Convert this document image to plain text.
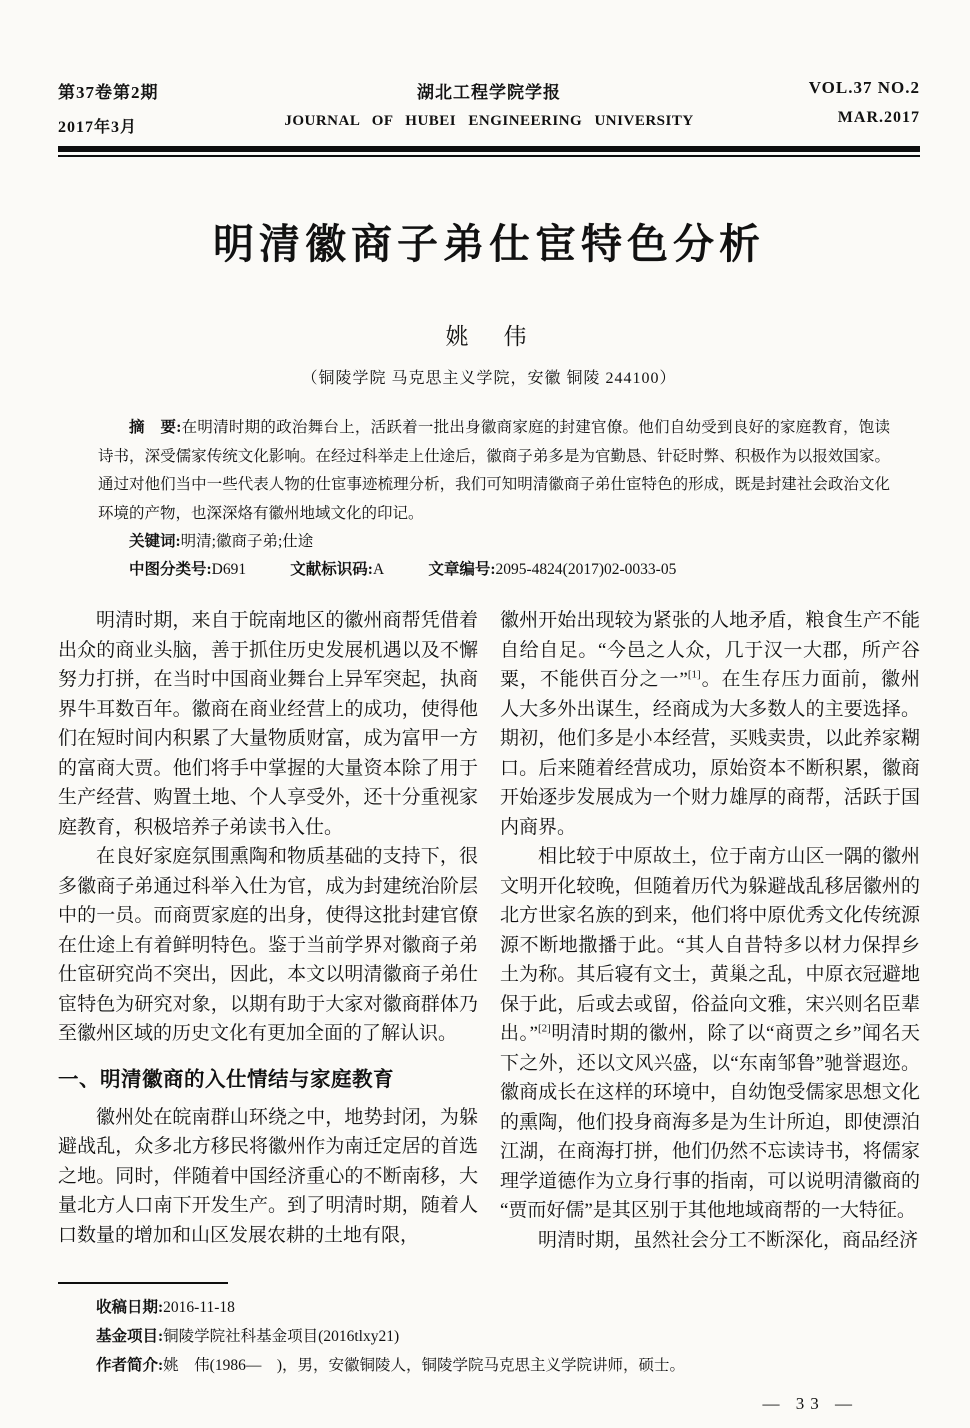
第37卷第2期
2017年3月
湖北工程学院学报
JOURNAL OF HUBEI ENGINEERING UNIVERSITY
VOL.37 NO.2
MAR.2017
明清徽商子弟仕宦特色分析
姚　伟
（铜陵学院 马克思主义学院，安徽 铜陵 244100）

摘　要:在明清时期的政治舞台上，活跃着一批出身徽商家庭的封建官僚。他们自幼受到良好的家庭教育，饱读诗书，深受儒家传统文化影响。在经过科举走上仕途后，徽商子弟多是为官勤恳、针砭时弊、积极作为以报效国家。通过对他们当中一些代表人物的仕宦事迹梳理分析，我们可知明清徽商子弟仕宦特色的形成，既是封建社会政治文化环境的产物，也深深烙有徽州地域文化的印记。

关键词:明清;徽商子弟;仕途

中图分类号:D691	文献标识码:A	文章编号:2095-4824(2017)02-0033-05

明清时期，来自于皖南地区的徽州商帮凭借着出众的商业头脑，善于抓住历史发展机遇以及不懈努力打拼，在当时中国商业舞台上异军突起，执商界牛耳数百年。徽商在商业经营上的成功，使得他们在短时间内积累了大量物质财富，成为富甲一方的富商大贾。他们将手中掌握的大量资本除了用于生产经营、购置土地、个人享受外，还十分重视家庭教育，积极培养子弟读书入仕。

在良好家庭氛围熏陶和物质基础的支持下，很多徽商子弟通过科举入仕为官，成为封建统治阶层中的一员。而商贾家庭的出身，使得这批封建官僚在仕途上有着鲜明特色。鉴于当前学界对徽商子弟仕宦研究尚不突出，因此，本文以明清徽商子弟仕宦特色为研究对象，以期有助于大家对徽商群体乃至徽州区域的历史文化有更加全面的了解认识。

一、明清徽商的入仕情结与家庭教育

徽州处在皖南群山环绕之中，地势封闭，为躲避战乱，众多北方移民将徽州作为南迁定居的首选之地。同时，伴随着中国经济重心的不断南移，大量北方人口南下开发生产。到了明清时期，随着人口数量的增加和山区发展农耕的土地有限，

徽州开始出现较为紧张的人地矛盾，粮食生产不能自给自足。“今邑之人众，几于汉一大郡，所产谷粟，不能供百分之一”[1]。在生存压力面前，徽州人大多外出谋生，经商成为大多数人的主要选择。期初，他们多是小本经营，买贱卖贵，以此养家糊口。后来随着经营成功，原始资本不断积累，徽商开始逐步发展成为一个财力雄厚的商帮，活跃于国内商界。

相比较于中原故土，位于南方山区一隅的徽州文明开化较晚，但随着历代为躲避战乱移居徽州的北方世家名族的到来，他们将中原优秀文化传统源源不断地撒播于此。“其人自昔特多以材力保捍乡土为称。其后寝有文士，黄巢之乱，中原衣冠避地保于此，后或去或留，俗益向文雅，宋兴则名臣辈出。”[2]明清时期的徽州，除了以“商贾之乡”闻名天下之外，还以文风兴盛，以“东南邹鲁”驰誉遐迩。徽商成长在这样的环境中，自幼饱受儒家思想文化的熏陶，他们投身商海多是为生计所迫，即使漂泊江湖，在商海打拼，他们仍然不忘读诗书，将儒家理学道德作为立身行事的指南，可以说明清徽商的“贾而好儒”是其区别于其他地域商帮的一大特征。

明清时期，虽然社会分工不断深化，商品经济

收稿日期:2016-11-18
基金项目:铜陵学院社科基金项目(2016tlxy21)
作者简介:姚　伟(1986—　)，男，安徽铜陵人，铜陵学院马克思主义学院讲师，硕士。
— 33 —
